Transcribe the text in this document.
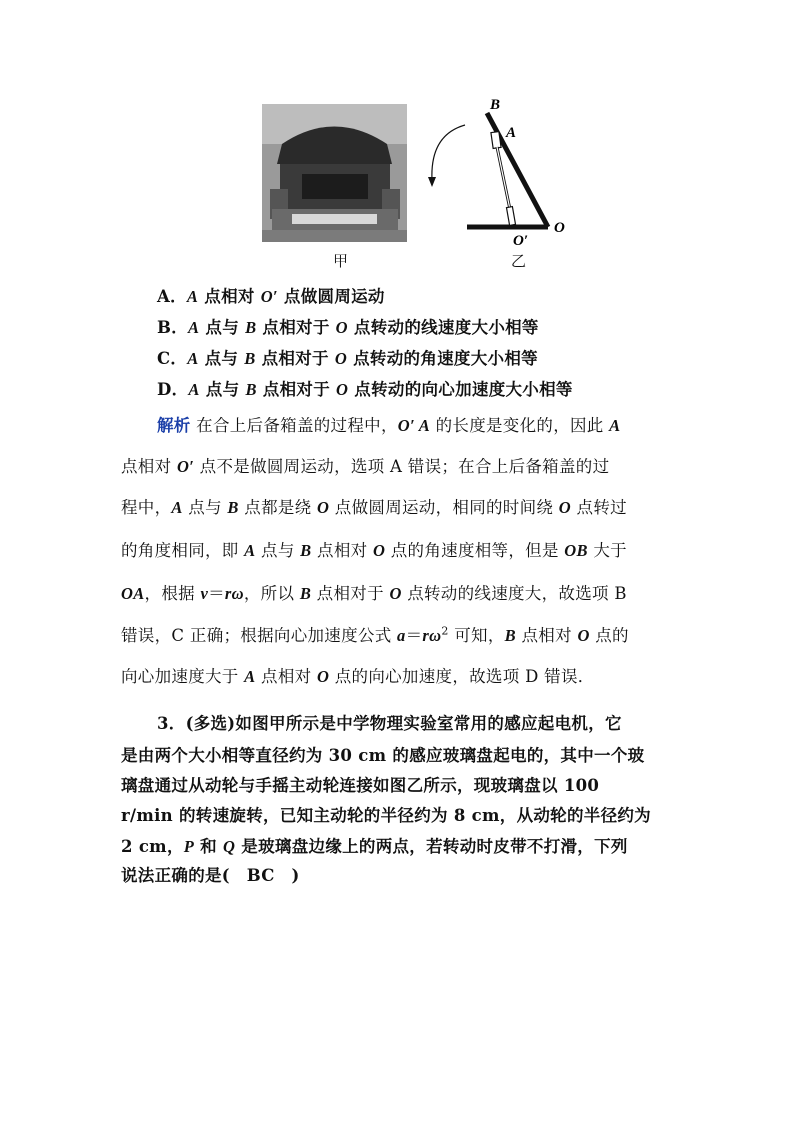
甲
B
A
O
O′
乙
A．A 点相对 O′ 点做圆周运动
B．A 点与 B 点相对于 O 点转动的线速度大小相等
C．A 点与 B 点相对于 O 点转动的角速度大小相等
D．A 点与 B 点相对于 O 点转动的向心加速度大小相等
解析 在合上后备箱盖的过程中，O′ A 的长度是变化的，因此 A
点相对 O′ 点不是做圆周运动，选项 A 错误；在合上后备箱盖的过
程中，A 点与 B 点都是绕 O 点做圆周运动，相同的时间绕 O 点转过
的角度相同，即 A 点与 B 点相对 O 点的角速度相等，但是 OB 大于
OA，根据 v＝rω，所以 B 点相对于 O 点转动的线速度大，故选项 B
错误，C 正确；根据向心加速度公式 $a=r\omega^2$ 可知，B 点相对 O 点的
向心加速度大于 A 点相对 O 点的向心加速度，故选项 D 错误．
3．(多选)如图甲所示是中学物理实验室常用的感应起电机，它
是由两个大小相等直径约为 30 cm 的感应玻璃盘起电的，其中一个玻
璃盘通过从动轮与手摇主动轮连接如图乙所示，现玻璃盘以 100
r/min 的转速旋转，已知主动轮的半径约为 8 cm，从动轮的半径约为
2 cm，P 和 Q 是玻璃盘边缘上的两点，若转动时皮带不打滑，下列
说法正确的是(　BC　)
